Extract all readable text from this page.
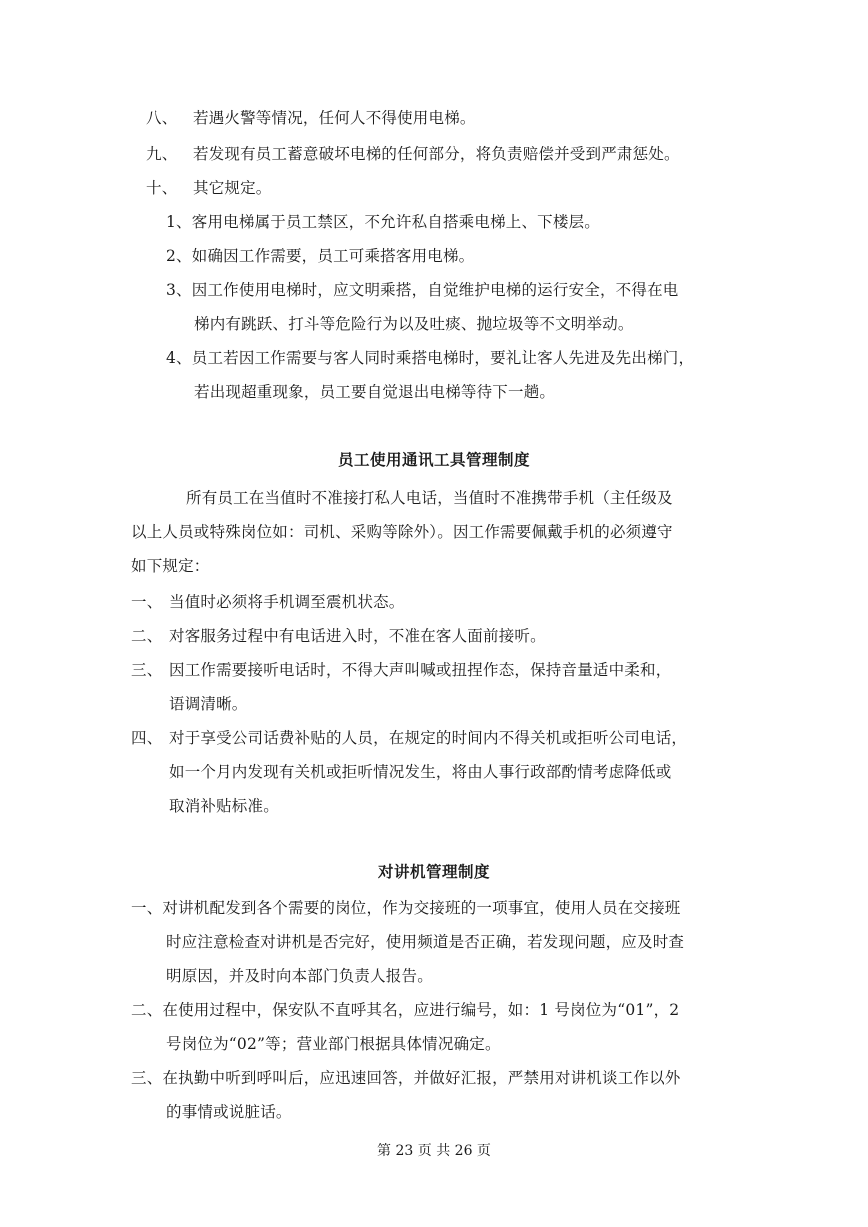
八、 若遇火警等情况，任何人不得使用电梯。
九、 若发现有员工蓄意破坏电梯的任何部分，将负责赔偿并受到严肃惩处。
十、 其它规定。
1、客用电梯属于员工禁区，不允许私自搭乘电梯上、下楼层。
2、如确因工作需要，员工可乘搭客用电梯。
3、因工作使用电梯时，应文明乘搭，自觉维护电梯的运行安全，不得在电
梯内有跳跃、打斗等危险行为以及吐痰、抛垃圾等不文明举动。
4、员工若因工作需要与客人同时乘搭电梯时，要礼让客人先进及先出梯门，
若出现超重现象，员工要自觉退出电梯等待下一趟。
员工使用通讯工具管理制度
所有员工在当值时不准接打私人电话，当值时不准携带手机（主任级及
以上人员或特殊岗位如：司机、采购等除外）。因工作需要佩戴手机的必须遵守
如下规定：
一、 当值时必须将手机调至震机状态。
二、 对客服务过程中有电话进入时，不准在客人面前接听。
三、 因工作需要接听电话时，不得大声叫喊或扭捏作态，保持音量适中柔和，
语调清晰。
四、 对于享受公司话费补贴的人员，在规定的时间内不得关机或拒听公司电话，
如一个月内发现有关机或拒听情况发生，将由人事行政部酌情考虑降低或
取消补贴标准。
对讲机管理制度
一、对讲机配发到各个需要的岗位，作为交接班的一项事宜，使用人员在交接班
时应注意检查对讲机是否完好，使用频道是否正确，若发现问题，应及时查
明原因，并及时向本部门负责人报告。
二、在使用过程中，保安队不直呼其名，应进行编号，如：1 号岗位为“01”，2
号岗位为“02”等；营业部门根据具体情况确定。
三、在执勤中听到呼叫后，应迅速回答，并做好汇报，严禁用对讲机谈工作以外
的事情或说脏话。
第 23 页 共 26 页
